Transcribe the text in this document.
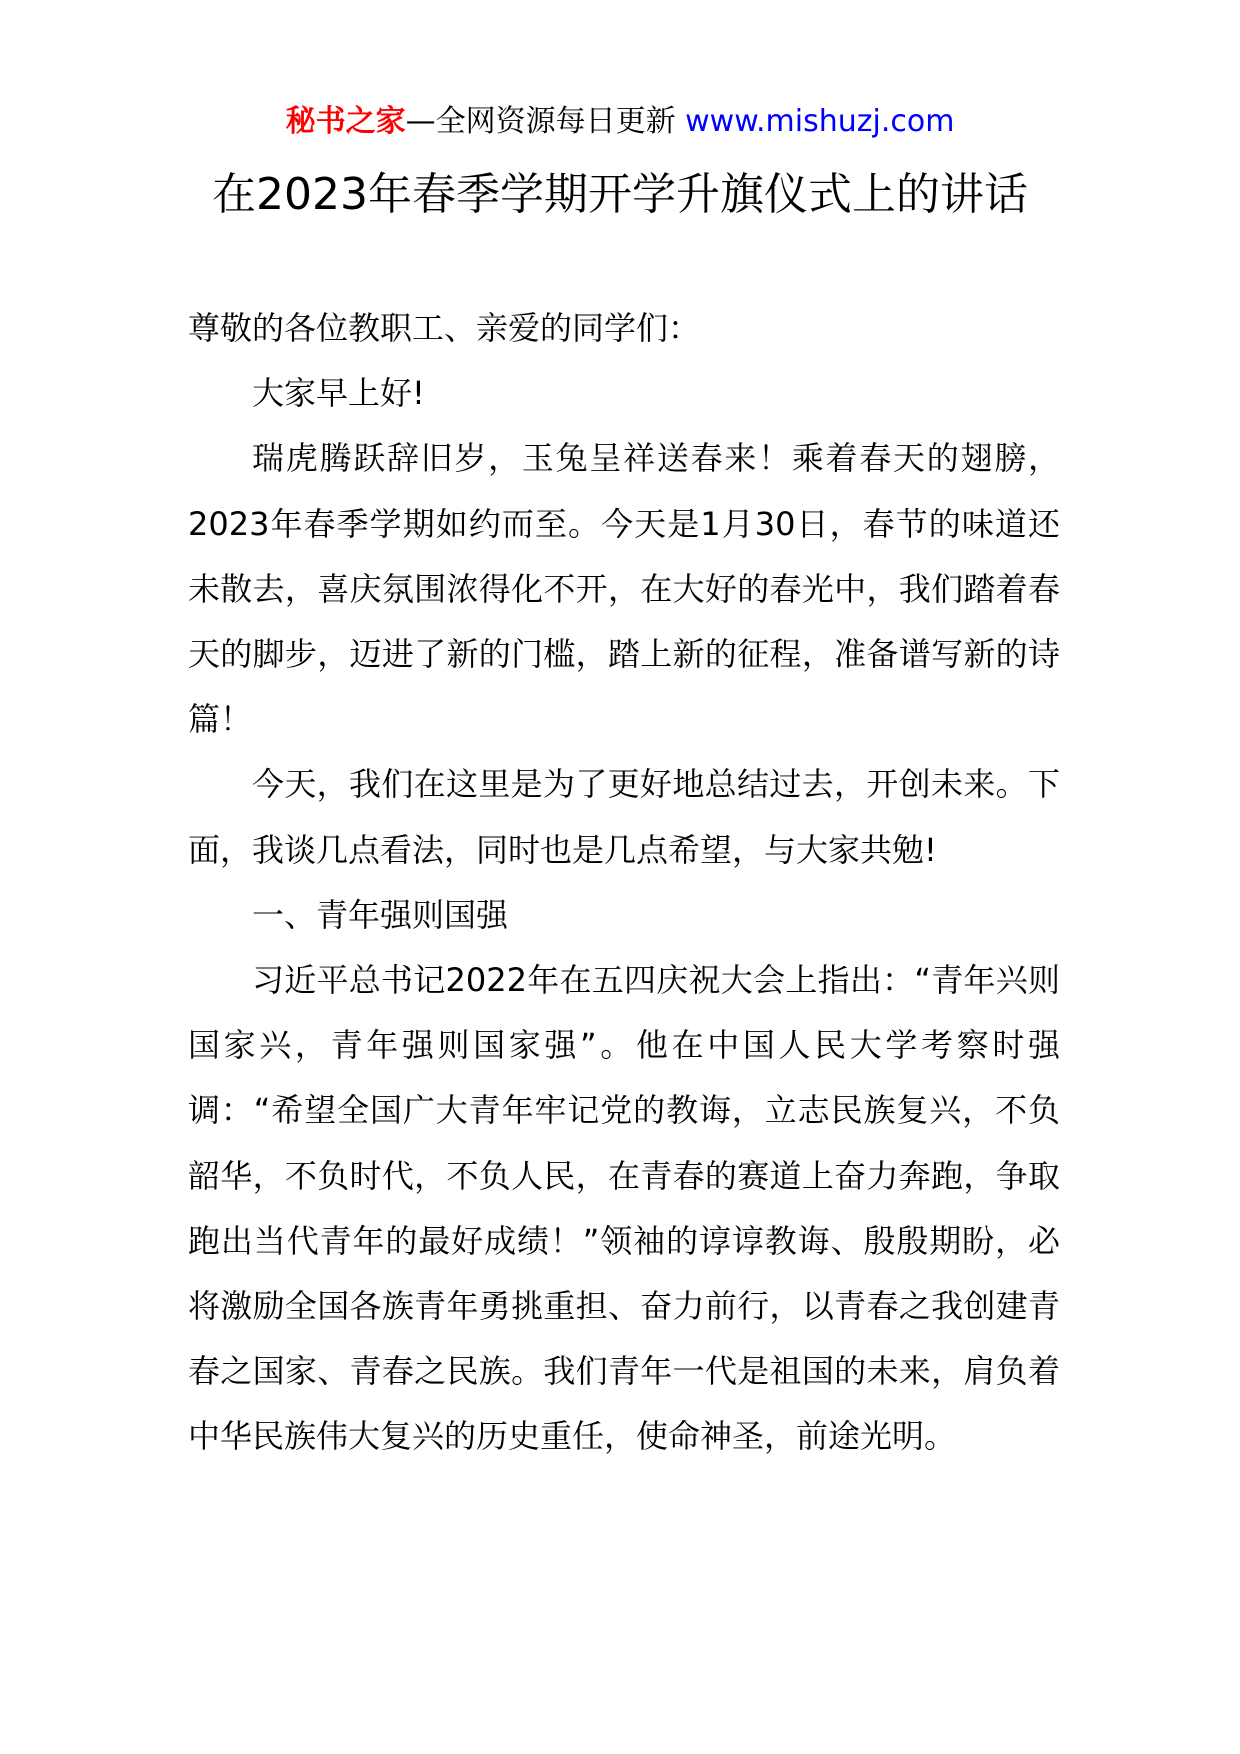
秘书之家—全网资源每日更新 www.mishuzj.com
在2023年春季学期开学升旗仪式上的讲话

尊敬的各位教职工、亲爱的同学们：

大家早上好!

瑞虎腾跃辞旧岁，玉兔呈祥送春来！乘着春天的翅膀，2023年春季学期如约而至。今天是1月30日，春节的味道还未散去，喜庆氛围浓得化不开，在大好的春光中，我们踏着春天的脚步，迈进了新的门槛，踏上新的征程，准备谱写新的诗篇！

今天，我们在这里是为了更好地总结过去，开创未来。下面，我谈几点看法，同时也是几点希望，与大家共勉!

一、青年强则国强

习近平总书记2022年在五四庆祝大会上指出：“青年兴则国家兴，青年强则国家强”。他在中国人民大学考察时强调：“希望全国广大青年牢记党的教诲，立志民族复兴，不负韶华，不负时代，不负人民，在青春的赛道上奋力奔跑，争取跑出当代青年的最好成绩！”领袖的谆谆教诲、殷殷期盼，必将激励全国各族青年勇挑重担、奋力前行，以青春之我创建青春之国家、青春之民族。我们青年一代是祖国的未来，肩负着中华民族伟大复兴的历史重任，使命神圣，前途光明。
